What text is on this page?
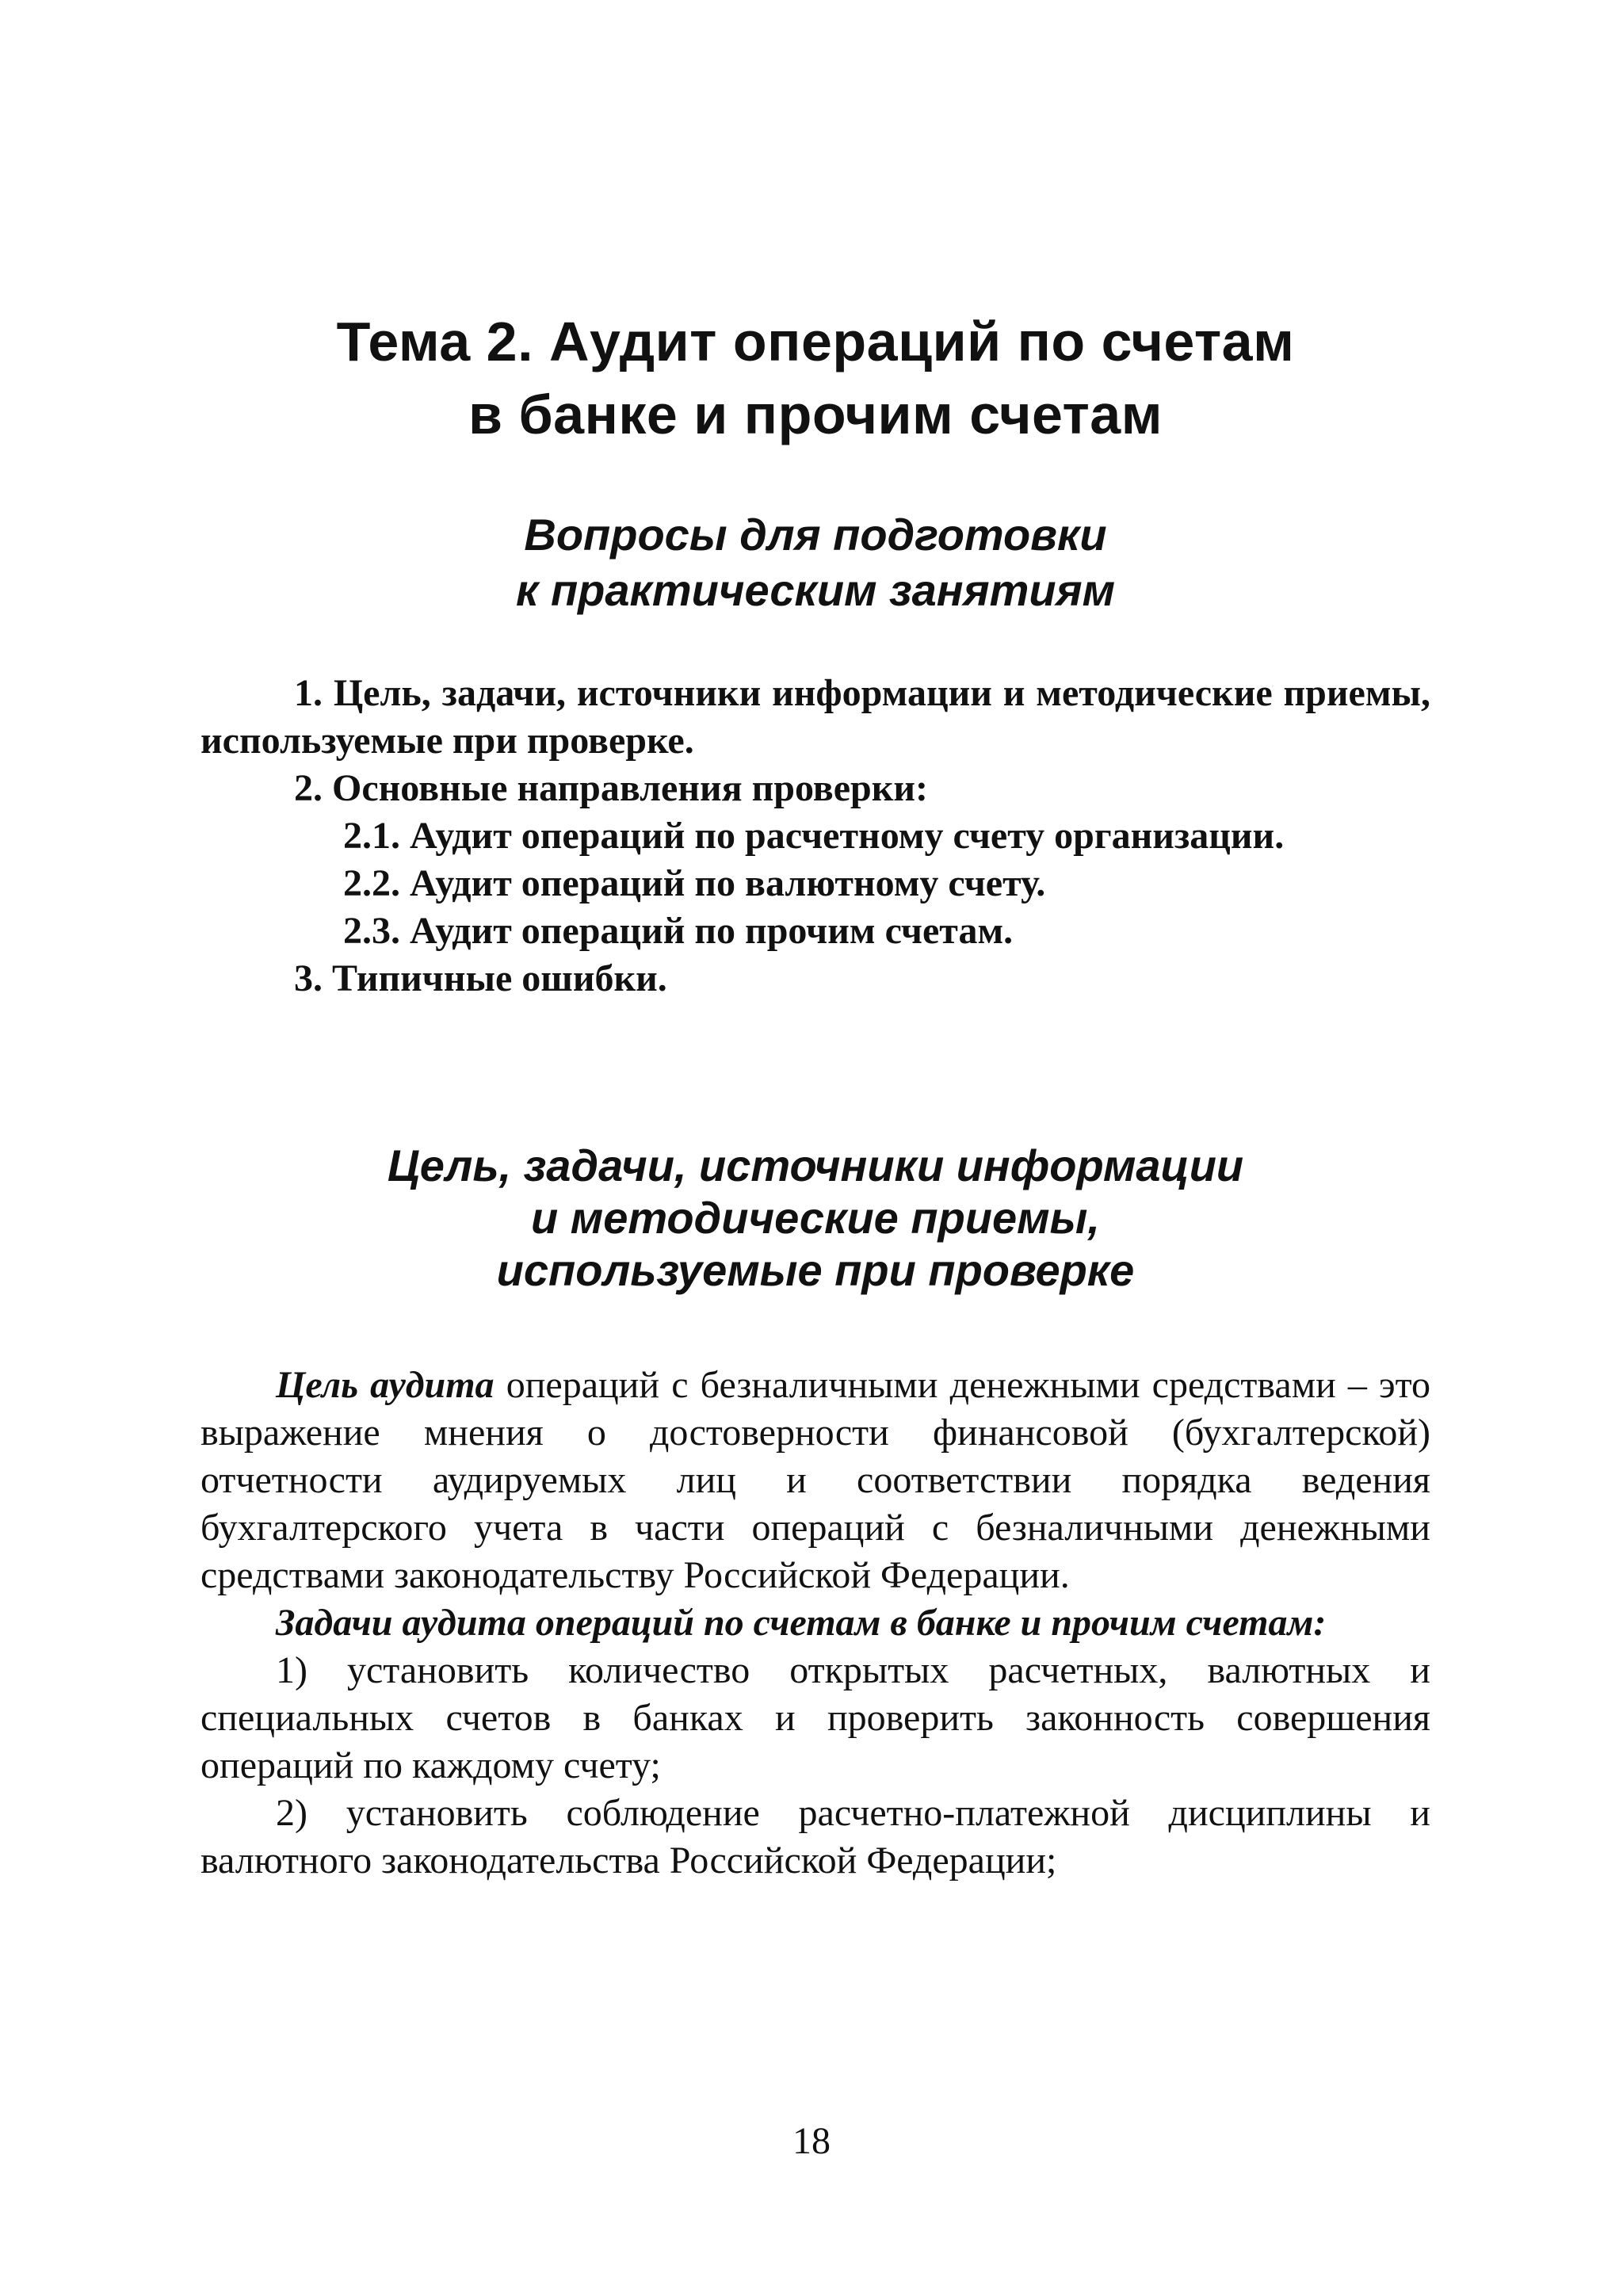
Тема 2. Аудит операций по счетам
в банке и прочим счетам
Вопросы для подготовки
к практическим занятиям

1. Цель, задачи, источники информации и методические приемы, используемые при проверке.

2. Основные направления проверки:

2.1. Аудит операций по расчетному счету организации.

2.2. Аудит операций по валютному счету.

2.3. Аудит операций по прочим счетам.

3. Типичные ошибки.

Цель, задачи, источники информации
и методические приемы,
используемые при проверке

Цель аудита операций с безналичными денежными средствами – это выражение мнения о достоверности финансовой (бухгалтерской) отчетности аудируемых лиц и соответствии порядка ведения бухгалтерского учета в части операций с безналичными денежными средствами законодательству Российской Федерации.

Задачи аудита операций по счетам в банке и прочим счетам:

1) установить количество открытых расчетных, валютных и специальных счетов в банках и проверить законность совершения операций по каждому счету;

2) установить соблюдение расчетно-платежной дисциплины и валютного законодательства Российской Федерации;

18
